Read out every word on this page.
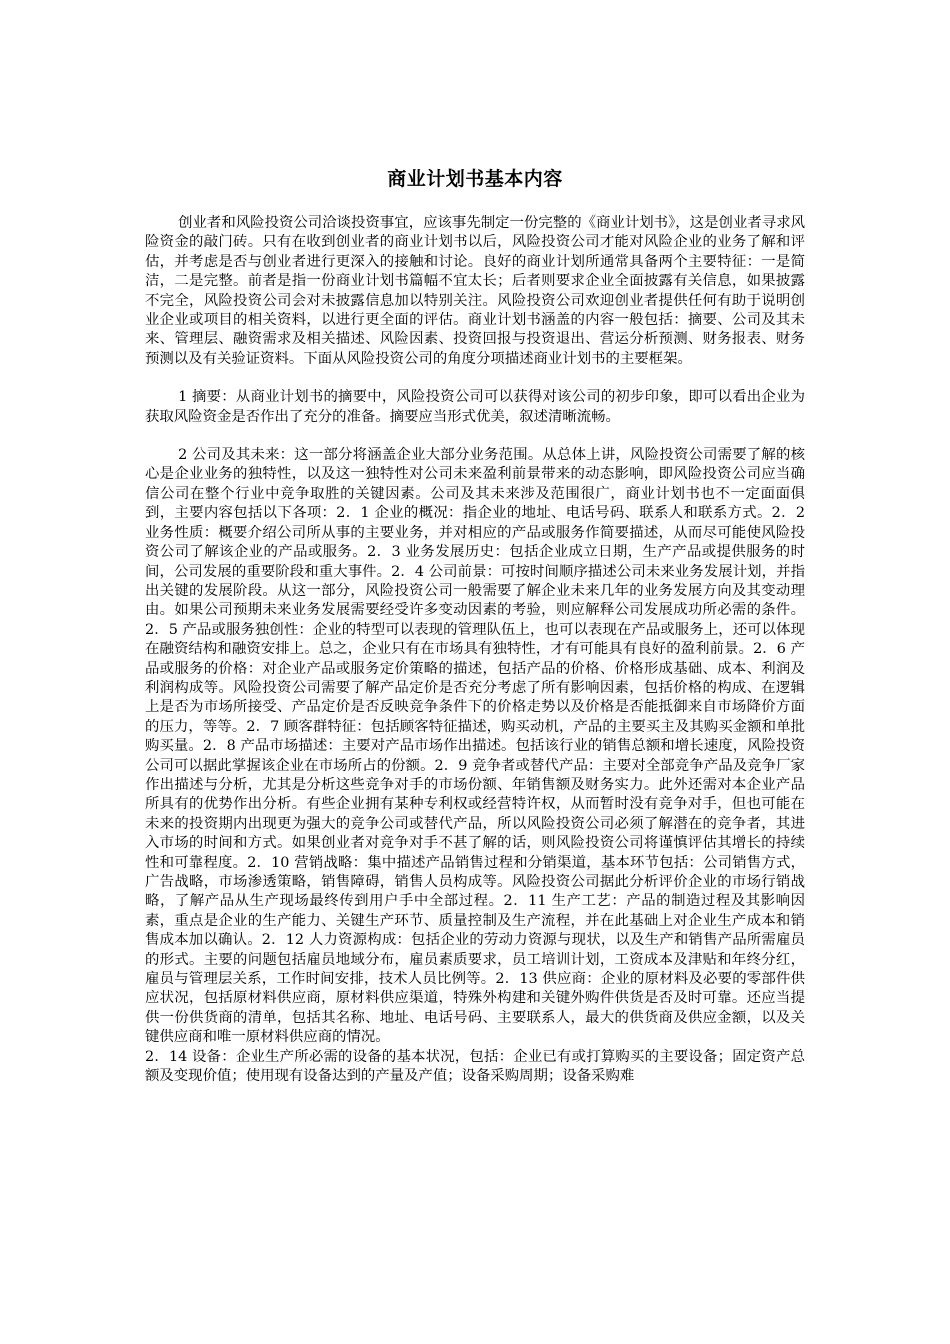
商业计划书基本内容

创业者和风险投资公司洽谈投资事宜，应该事先制定一份完整的《商业计划书》，这是创业者寻求风险资金的敲门砖。只有在收到创业者的商业计划书以后，风险投资公司才能对风险企业的业务了解和评估，并考虑是否与创业者进行更深入的接触和讨论。良好的商业计划所通常具备两个主要特征：一是简洁，二是完整。前者是指一份商业计划书篇幅不宜太长；后者则要求企业全面披露有关信息，如果披露不完全，风险投资公司会对未披露信息加以特别关注。风险投资公司欢迎创业者提供任何有助于说明创业企业或项目的相关资料，以进行更全面的评估。商业计划书涵盖的内容一般包括：摘要、公司及其未来、管理层、融资需求及相关描述、风险因素、投资回报与投资退出、营运分析预测、财务报表、财务预测以及有关验证资料。下面从风险投资公司的角度分项描述商业计划书的主要框架。

1 摘要：从商业计划书的摘要中，风险投资公司可以获得对该公司的初步印象，即可以看出企业为获取风险资金是否作出了充分的准备。摘要应当形式优美，叙述清晰流畅。

2 公司及其未来：这一部分将涵盖企业大部分业务范围。从总体上讲，风险投资公司需要了解的核心是企业业务的独特性，以及这一独特性对公司未来盈利前景带来的动态影响，即风险投资公司应当确信公司在整个行业中竞争取胜的关键因素。公司及其未来涉及范围很广，商业计划书也不一定面面俱到，主要内容包括以下各项：2．1 企业的概况：指企业的地址、电话号码、联系人和联系方式。2．2 业务性质：概要介绍公司所从事的主要业务，并对相应的产品或服务作简要描述，从而尽可能使风险投资公司了解该企业的产品或服务。2．3 业务发展历史：包括企业成立日期，生产产品或提供服务的时间，公司发展的重要阶段和重大事件。2．4 公司前景：可按时间顺序描述公司未来业务发展计划，并指出关键的发展阶段。从这一部分，风险投资公司一般需要了解企业未来几年的业务发展方向及其变动理由。如果公司预期未来业务发展需要经受许多变动因素的考验，则应解释公司发展成功所必需的条件。2．5 产品或服务独创性：企业的特型可以表现的管理队伍上，也可以表现在产品或服务上，还可以体现在融资结构和融资安排上。总之，企业只有在市场具有独特性，才有可能具有良好的盈利前景。2．6 产品或服务的价格：对企业产品或服务定价策略的描述，包括产品的价格、价格形成基础、成本、利润及利润构成等。风险投资公司需要了解产品定价是否充分考虑了所有影响因素，包括价格的构成、在逻辑上是否为市场所接受、产品定价是否反映竞争条件下的价格走势以及价格是否能抵御来自市场降价方面的压力，等等。2．7 顾客群特征：包括顾客特征描述，购买动机，产品的主要买主及其购买金额和单批购买量。2．8 产品市场描述：主要对产品市场作出描述。包括该行业的销售总额和增长速度，风险投资公司可以据此掌握该企业在市场所占的份额。2．9 竞争者或替代产品：主要对全部竞争产品及竞争厂家作出描述与分析，尤其是分析这些竞争对手的市场份额、年销售额及财务实力。此外还需对本企业产品所具有的优势作出分析。有些企业拥有某种专利权或经营特许权，从而暂时没有竞争对手，但也可能在未来的投资期内出现更为强大的竞争公司或替代产品，所以风险投资公司必须了解潜在的竞争者，其进入市场的时间和方式。如果创业者对竞争对手不甚了解的话，则风险投资公司将谨慎评估其增长的持续性和可靠程度。2．10 营销战略：集中描述产品销售过程和分销渠道，基本环节包括：公司销售方式，广告战略，市场渗透策略，销售障碍，销售人员构成等。风险投资公司据此分析评价企业的市场行销战略，了解产品从生产现场最终传到用户手中全部过程。2．11 生产工艺：产品的制造过程及其影响因素，重点是企业的生产能力、关键生产环节、质量控制及生产流程，并在此基础上对企业生产成本和销售成本加以确认。2．12 人力资源构成：包括企业的劳动力资源与现状，以及生产和销售产品所需雇员的形式。主要的问题包括雇员地域分布，雇员素质要求，员工培训计划，工资成本及津贴和年终分红，雇员与管理层关系，工作时间安排，技术人员比例等。2．13 供应商：企业的原材料及必要的零部件供应状况，包括原材料供应商，原材料供应渠道，特殊外构建和关键外购件供货是否及时可靠。还应当提供一份供货商的清单，包括其名称、地址、电话号码、主要联系人，最大的供货商及供应金额，以及关键供应商和唯一原材料供应商的情况。

2．14 设备：企业生产所必需的设备的基本状况，包括：企业已有或打算购买的主要设备；固定资产总额及变现价值；使用现有设备达到的产量及产值；设备采购周期；设备采购难
